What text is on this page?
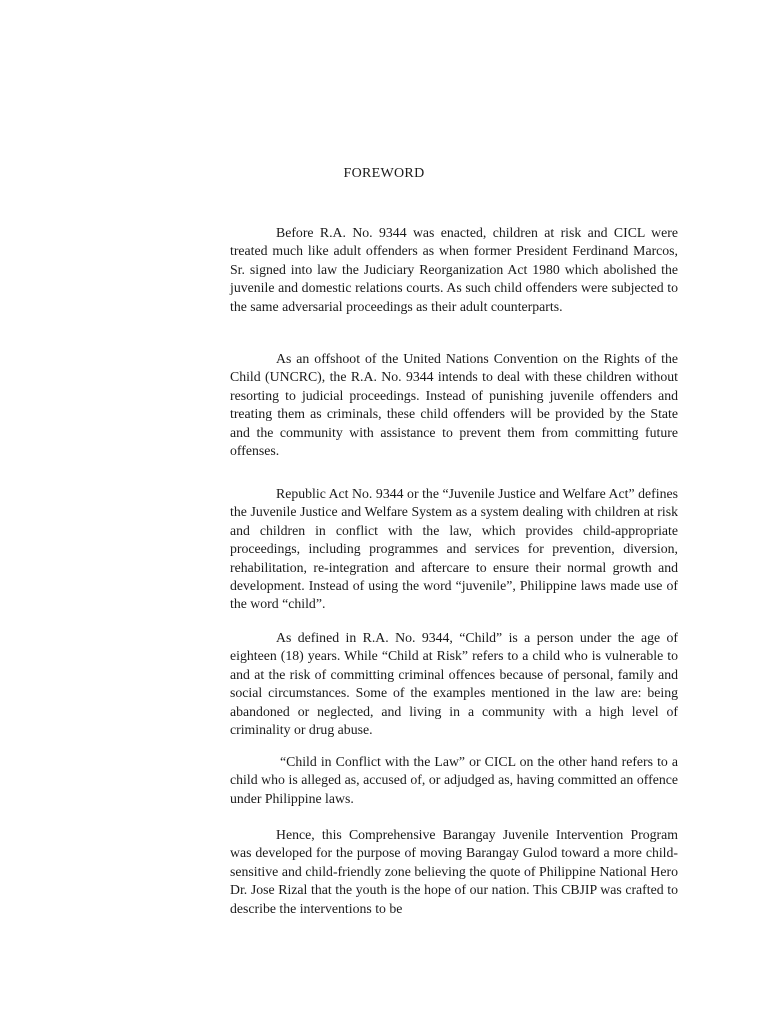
FOREWORD

Before R.A. No. 9344 was enacted, children at risk and CICL were treated much like adult offenders as when former President Ferdinand Marcos, Sr. signed into law the Judiciary Reorganization Act 1980 which abolished the juvenile and domestic relations courts. As such child offenders were subjected to the same adversarial proceedings as their adult counterparts.

As an offshoot of the United Nations Convention on the Rights of the Child (UNCRC), the R.A. No. 9344 intends to deal with these children without resorting to judicial proceedings. Instead of punishing juvenile offenders and treating them as criminals, these child offenders will be provided by the State and the community with assistance to prevent them from committing future offenses.

Republic Act No. 9344 or the “Juvenile Justice and Welfare Act” defines the Juvenile Justice and Welfare System as a system dealing with children at risk and children in conflict with the law, which provides child-appropriate proceedings, including programmes and services for prevention, diversion, rehabilitation, re-integration and aftercare to ensure their normal growth and development. Instead of using the word “juvenile”, Philippine laws made use of the word “child”.

As defined in R.A. No. 9344, “Child” is a person under the age of eighteen (18) years. While “Child at Risk” refers to a child who is vulnerable to and at the risk of committing criminal offences because of personal, family and social circumstances. Some of the examples mentioned in the law are: being abandoned or neglected, and living in a community with a high level of criminality or drug abuse.

“Child in Conflict with the Law” or CICL on the other hand refers to a child who is alleged as, accused of, or adjudged as, having committed an offence under Philippine laws.

Hence, this Comprehensive Barangay Juvenile Intervention Program was developed for the purpose of moving Barangay Gulod toward a more child-sensitive and child-friendly zone believing the quote of Philippine National Hero Dr. Jose Rizal that the youth is the hope of our nation. This CBJIP was crafted to describe the interventions to be
